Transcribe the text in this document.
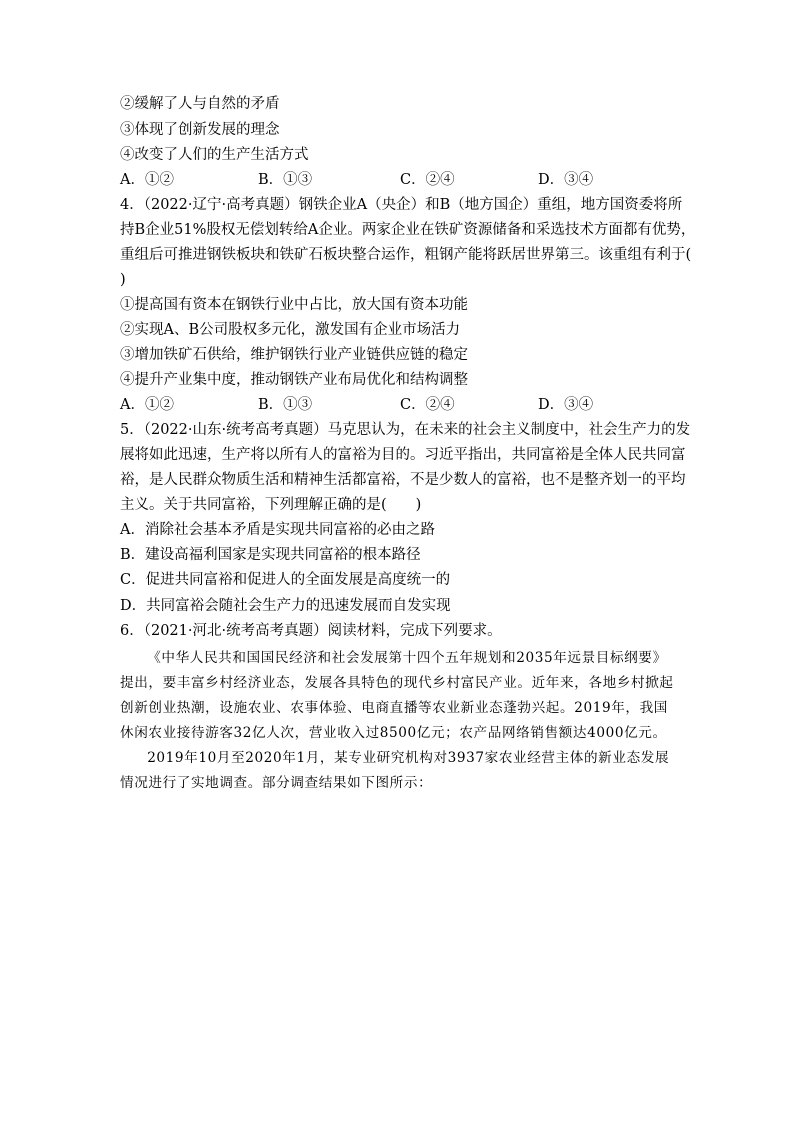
②缓解了人与自然的矛盾
③体现了创新发展的理念
④改变了人们的生产生活方式
A．①②	B．①③	C．②④	D．③④
4．（2022·辽宁·高考真题）钢铁企业A（央企）和B（地方国企）重组，地方国资委将所
持B企业51%股权无偿划转给A企业。两家企业在铁矿资源储备和采选技术方面都有优势，
重组后可推进钢铁板块和铁矿石板块整合运作，粗钢产能将跃居世界第三。该重组有利于(
)
①提高国有资本在钢铁行业中占比，放大国有资本功能
②实现A、B公司股权多元化，激发国有企业市场活力
③增加铁矿石供给，维护钢铁行业产业链供应链的稳定
④提升产业集中度，推动钢铁产业布局优化和结构调整
A．①②	B．①③	C．②④	D．③④
5．（2022·山东·统考高考真题）马克思认为，在未来的社会主义制度中，社会生产力的发
展将如此迅速，生产将以所有人的富裕为目的。习近平指出，共同富裕是全体人民共同富
裕，是人民群众物质生活和精神生活都富裕，不是少数人的富裕，也不是整齐划一的平均
主义。关于共同富裕，下列理解正确的是(　　)
A．消除社会基本矛盾是实现共同富裕的必由之路
B．建设高福利国家是实现共同富裕的根本路径
C．促进共同富裕和促进人的全面发展是高度统一的
D．共同富裕会随社会生产力的迅速发展而自发实现
6．（2021·河北·统考高考真题）阅读材料，完成下列要求。
《中华人民共和国国民经济和社会发展第十四个五年规划和2035年远景目标纲要》提出，要丰富乡村经济业态，发展各具特色的现代乡村富民产业。近年来，各地乡村掀起创新创业热潮，设施农业、农事体验、电商直播等农业新业态蓬勃兴起。2019年，我国休闲农业接待游客32亿人次，营业收入过8500亿元；农产品网络销售额达4000亿元。
2019年10月至2020年1月，某专业研究机构对3937家农业经营主体的新业态发展情况进行了实地调查。部分调查结果如下图所示：
